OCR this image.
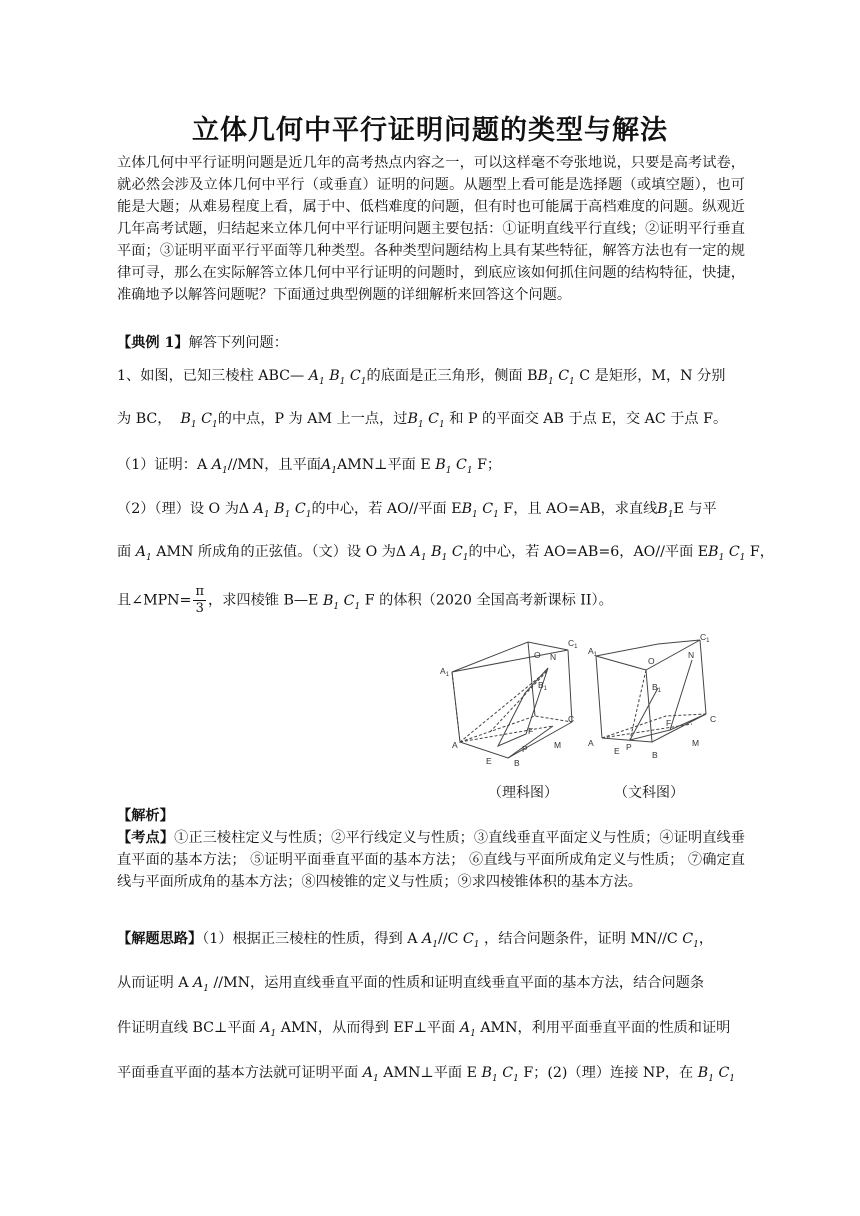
立体几何中平行证明问题的类型与解法
立体几何中平行证明问题是近几年的高考热点内容之一，可以这样毫不夸张地说，只要是高考试卷，就必然会涉及立体几何中平行（或垂直）证明的问题。从题型上看可能是选择题（或填空题），也可能是大题；从难易程度上看，属于中、低档难度的问题，但有时也可能属于高档难度的问题。纵观近几年高考试题，归结起来立体几何中平行证明问题主要包括：①证明直线平行直线；②证明平行垂直平面；③证明平面平行平面等几种类型。各种类型问题结构上具有某些特征，解答方法也有一定的规律可寻，那么在实际解答立体几何中平行证明的问题时，到底应该如何抓住问题的结构特征，快捷，准确地予以解答问题呢？下面通过典型例题的详细解析来回答这个问题。
【典例 1】解答下列问题：
1、如图，已知三棱柱 ABC— $A_1$ $B_1$ $C_1$的底面是正三角形，侧面 $BB_1$ $C_1$ C 是矩形，M，N 分别
为 BC， $B_1$ $C_1$的中点，P 为 AM 上一点，过$B_1$ $C_1$ 和 P 的平面交 AB 于点 E，交 AC 于点 F。
（1）证明：A $A_1//MN$，且平面$A_1AMN\perp$平面 E $B_1$ $C_1$ F；
（2）（理）设 O 为Δ $A_1$ $B_1$ $C_1$的中心，若 AO//平面 $EB_1$ $C_1$ F，且 AO=AB，求直线$B_1E$ 与平
面 $A_1$ AMN 所成角的正弦值。（文）设 O 为Δ $A_1$ $B_1$ $C_1$的中心，若 AO=AB=6，AO//平面 $EB_1$ $C_1$ F，
且∠MPN= $\frac{\pi}{3}$ ，求四棱锥 B—E $B_1$ $C_1$ F 的体积（2020 全国高考新课标 II）。
$A_1$
O N
$C_1$
$B_1$
C
F
P
A
E
M
B
$A_1$
O
N
$C_1$
$B_1$
C
F
P
A
E
M
B
（理科图）	（文科图）
【解析】
【考点】①正三棱柱定义与性质；②平行线定义与性质；③直线垂直平面定义与性质；④证明直线垂直平面的基本方法； ⑤证明平面垂直平面的基本方法； ⑥直线与平面所成角定义与性质； ⑦确定直线与平面所成角的基本方法；⑧四棱锥的定义与性质；⑨求四棱锥体积的基本方法。
【解题思路】（1）根据正三棱柱的性质，得到 A $A_1//C$ $C_1$ ，结合问题条件，证明 MN//C $C_1$，
从而证明 A $A_1$ //MN，运用直线垂直平面的性质和证明直线垂直平面的基本方法，结合问题条
件证明直线 BC⊥平面 $A_1$ AMN，从而得到 EF⊥平面 $A_1$ AMN，利用平面垂直平面的性质和证明
平面垂直平面的基本方法就可证明平面 $A_1$ AMN⊥平面 E $B_1$ $C_1$ F；(2)（理）连接 NP，在 $B_1$ $C_1$
